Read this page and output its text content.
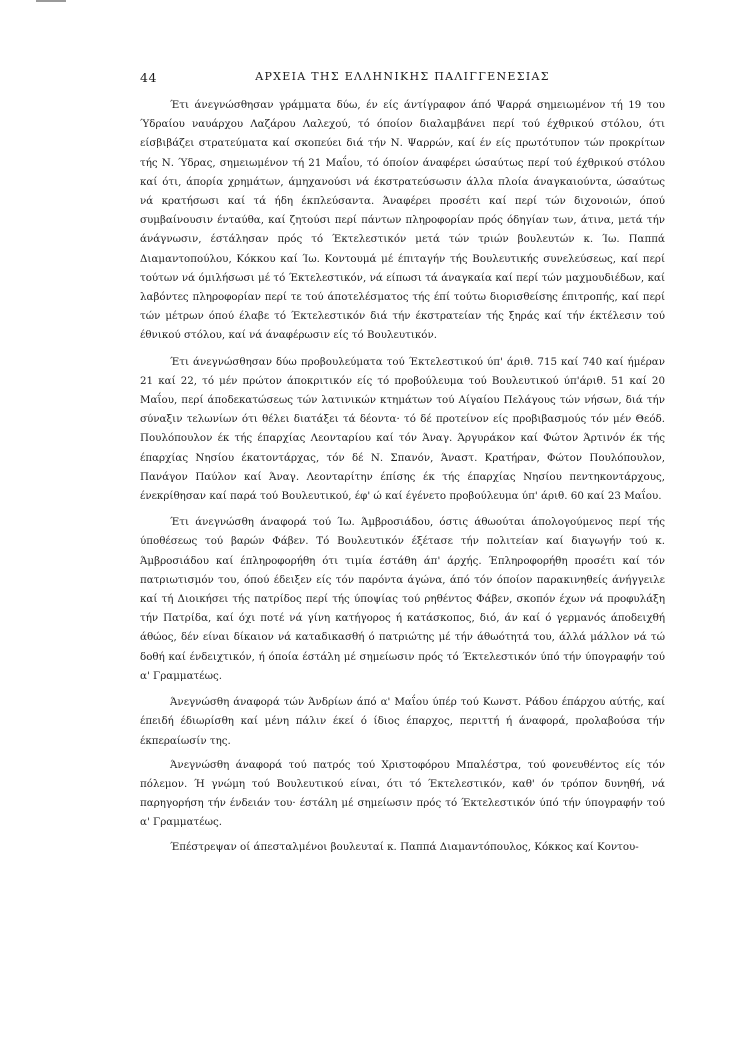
44	ΑΡΧΕΙΑ ΤΗΣ ΕΛΛΗΝΙΚΗΣ ΠΑΛΙΓΓΕΝΕΣΙΑΣ

Έτι άνεγνώσθησαν γράμματα δύω, έν είς άντίγραφον άπό Ψαρρά σημειωμένον τή 19 του Ύδραίου ναυάρχου Λαζάρου Λαλεχού, τό όποίον διαλαμβάνει περί τού έχθρικού στόλου, ότι είσβιβάζει στρατεύματα καί σκοπεύει διά τήν Ν. Ψαρρών, καί έν είς πρωτότυπον τών προκρίτων τής Ν. Ύδρας, σημειωμένον τή 21 Μαΐου, τό όποίον άναφέρει ώσαύτως περί τού έχθρικού στόλου καί ότι, άπορία χρημάτων, άμηχανούσι νά έκστρατεύσωσιν άλλα πλοία άναγκαιούντα, ώσαύτως νά κρατήσωσι καί τά ήδη έκπλεύσαντα. Άναφέρει προσέτι καί περί τών διχονοιών, όπού συμβαίνουσιν ένταύθα, καί ζητούσι περί πάντων πληροφορίαν πρός όδηγίαν των, άτινα, μετά τήν άνάγνωσιν, έστάλησαν πρός τό Έκτελεστικόν μετά τών τριών βουλευτών κ. Ίω. Παππά Διαμαντοπούλου, Κόκκου καί Ίω. Κοντουμά μέ έπιταγήν τής Βουλευτικής συνελεύσεως, καί περί τούτων νά όμιλήσωσι μέ τό Έκτελεστικόν, νά είπωσι τά άναγκαία καί περί τών μαχμουδιέδων, καί λαβόντες πληροφορίαν περί τε τού άποτελέσματος τής έπί τούτω διορισθείσης έπιτροπής, καί περί τών μέτρων όπού έλαβε τό Έκτελεστικόν διά τήν έκστρατείαν τής ξηράς καί τήν έκτέλεσιν τού έθνικού στόλου, καί νά άναφέρωσιν είς τό Βουλευτικόν.

Έτι άνεγνώσθησαν δύω προβουλεύματα τού Έκτελεστικού ύπ' άριθ. 715 καί 740 καί ήμέραν 21 καί 22, τό μέν πρώτον άποκριτικόν είς τό προβούλευμα τού Βουλευτικού ύπ'άριθ. 51 καί 20 Μαΐου, περί άποδεκατώσεως τών λατινικών κτημάτων τού Αίγαίου Πελάγους τών νήσων, διά τήν σύναξιν τελωνίων ότι θέλει διατάξει τά δέοντα· τό δέ προτείνον είς προβιβασμούς τόν μέν Θεόδ. Πουλόπουλον έκ τής έπαρχίας Λεονταρίου καί τόν Άναγ. Άργυράκον καί Φώτον Άρτινόν έκ τής έπαρχίας Νησίου έκατοντάρχας, τόν δέ Ν. Σπανόν, Άναστ. Κρατήραν, Φώτον Πουλόπουλον, Πανάγον Παύλον καί Άναγ. Λεονταρίτην έπίσης έκ τής έπαρχίας Νησίου πεντηκοντάρχους, ένεκρίθησαν καί παρά τού Βουλευτικού, έφ' ώ καί έγένετο προβούλευμα ύπ' άριθ. 60 καί 23 Μαΐου.

Έτι άνεγνώσθη άναφορά τού Ίω. Άμβροσιάδου, όστις άθωούται άπολογούμενος περί τής ύποθέσεως τού βαρών Φάβεν. Τό Βουλευτικόν έξέτασε τήν πολιτείαν καί διαγωγήν τού κ. Άμβροσιάδου καί έπληροφορήθη ότι τιμία έστάθη άπ' άρχής. Έπληροφορήθη προσέτι καί τόν πατριωτισμόν του, όπού έδειξεν είς τόν παρόντα άγώνα, άπό τόν όποίον παρακινηθείς άνήγγειλε καί τή Διοικήσει τής πατρίδος περί τής ύποψίας τού ρηθέντος Φάβεν, σκοπόν έχων νά προφυλάξη τήν Πατρίδα, καί όχι ποτέ νά γίνη κατήγορος ή κατάσκοπος, διό, άν καί ό γερμανός άποδειχθή άθώος, δέν είναι δίκαιον νά καταδικασθή ό πατριώτης μέ τήν άθωότητά του, άλλά μάλλον νά τώ δοθή καί ένδειχτικόν, ή όποία έστάλη μέ σημείωσιν πρός τό Έκτελεστικόν ύπό τήν ύπογραφήν τού α' Γραμματέως.

Άνεγνώσθη άναφορά τών Άνδρίων άπό α' Μαΐου ύπέρ τού Κωνστ. Ράδου έπάρχου αύτής, καί έπειδή έδιωρίσθη καί μένη πάλιν έκεί ό ίδιος έπαρχος, περιττή ή άναφορά, προλαβούσα τήν έκπεραίωσίν της.

Άνεγνώσθη άναφορά τού πατρός τού Χριστοφόρου Μπαλέστρα, τού φονευθέντος είς τόν πόλεμον. Ή γνώμη τού Βουλευτικού είναι, ότι τό Έκτελεστικόν, καθ' όν τρόπον δυνηθή, νά παρηγορήση τήν ένδειάν του· έστάλη μέ σημείωσιν πρός τό Έκτελεστικόν ύπό τήν ύπογραφήν τού α' Γραμματέως.

Έπέστρεψαν οί άπεσταλμένοι βουλευταί κ. Παππά Διαμαντόπουλος, Κόκκος καί Κοντου-
